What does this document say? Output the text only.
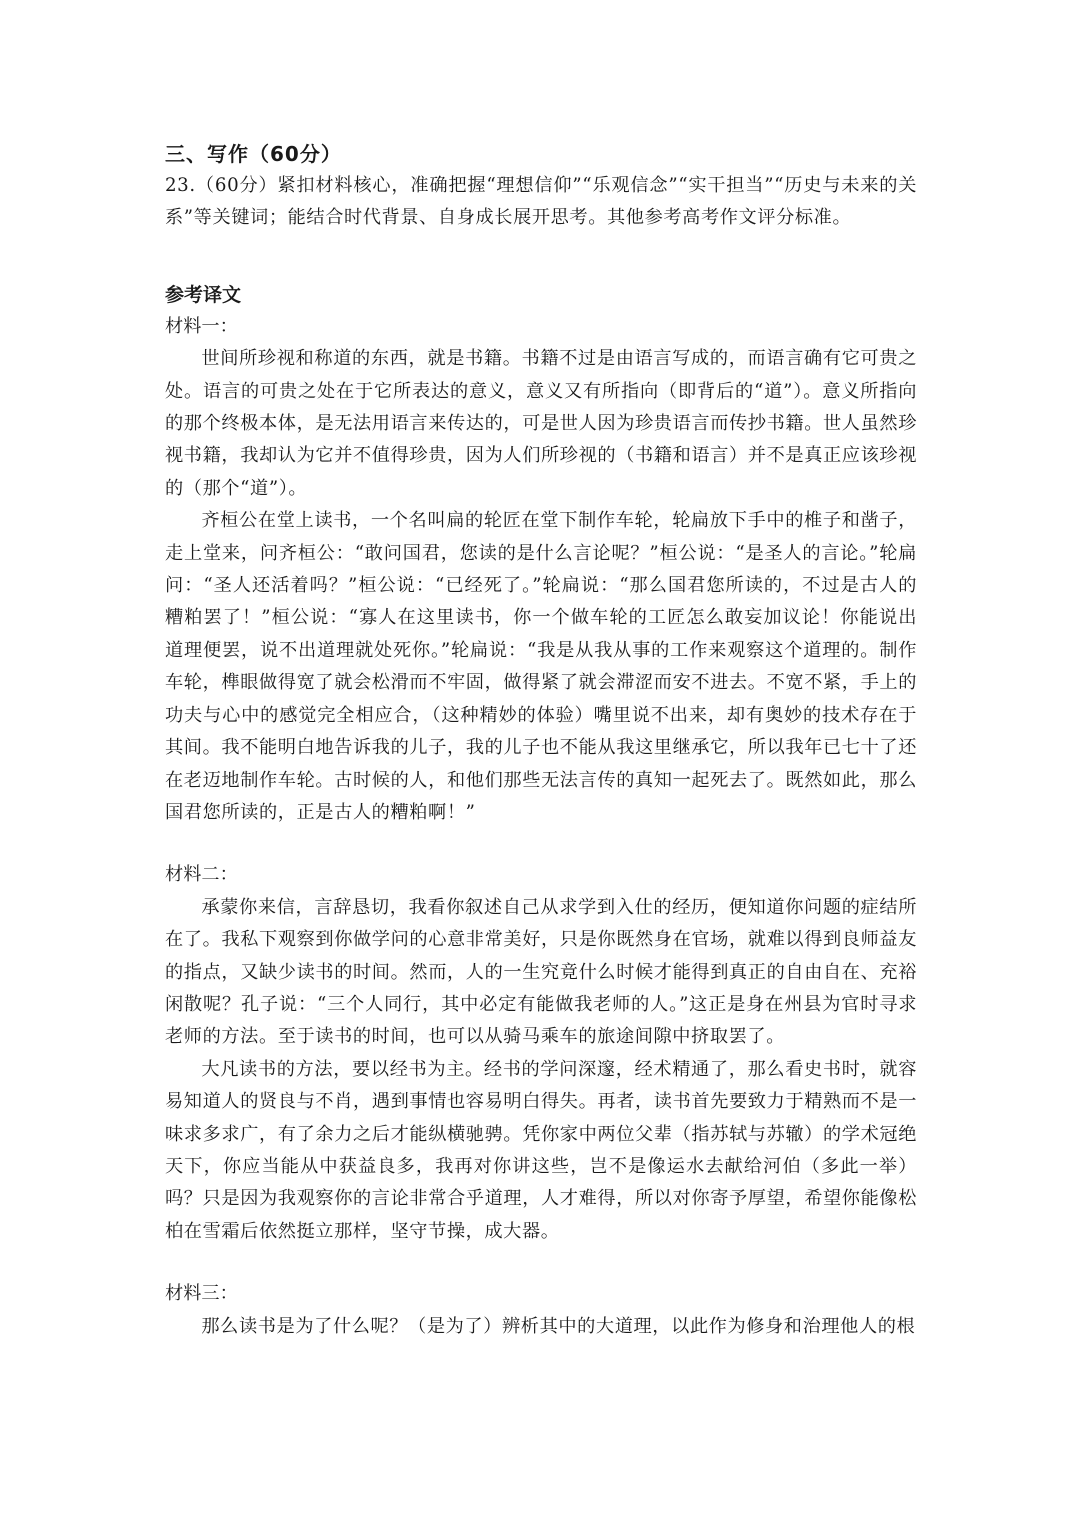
三、写作（60分）

23.（60分）紧扣材料核心，准确把握“理想信仰”“乐观信念”“实干担当”“历史与未来的关系”等关键词；能结合时代背景、自身成长展开思考。其他参考高考作文评分标准。

参考译文

材料一：

世间所珍视和称道的东西，就是书籍。书籍不过是由语言写成的，而语言确有它可贵之处。语言的可贵之处在于它所表达的意义，意义又有所指向（即背后的“道”）。意义所指向的那个终极本体，是无法用语言来传达的，可是世人因为珍贵语言而传抄书籍。世人虽然珍视书籍，我却认为它并不值得珍贵，因为人们所珍视的（书籍和语言）并不是真正应该珍视的（那个“道”）。

齐桓公在堂上读书，一个名叫扁的轮匠在堂下制作车轮，轮扁放下手中的椎子和凿子，走上堂来，问齐桓公：“敢问国君，您读的是什么言论呢？”桓公说：“是圣人的言论。”轮扁问：“圣人还活着吗？”桓公说：“已经死了。”轮扁说：“那么国君您所读的，不过是古人的糟粕罢了！”桓公说：“寡人在这里读书，你一个做车轮的工匠怎么敢妄加议论！你能说出道理便罢，说不出道理就处死你。”轮扁说：“我是从我从事的工作来观察这个道理的。制作车轮，榫眼做得宽了就会松滑而不牢固，做得紧了就会滞涩而安不进去。不宽不紧，手上的功夫与心中的感觉完全相应合，（这种精妙的体验）嘴里说不出来，却有奥妙的技术存在于其间。我不能明白地告诉我的儿子，我的儿子也不能从我这里继承它，所以我年已七十了还在老迈地制作车轮。古时候的人，和他们那些无法言传的真知一起死去了。既然如此，那么国君您所读的，正是古人的糟粕啊！”

材料二：

承蒙你来信，言辞恳切，我看你叙述自己从求学到入仕的经历，便知道你问题的症结所在了。我私下观察到你做学问的心意非常美好，只是你既然身在官场，就难以得到良师益友的指点，又缺少读书的时间。然而，人的一生究竟什么时候才能得到真正的自由自在、充裕闲散呢？孔子说：“三个人同行，其中必定有能做我老师的人。”这正是身在州县为官时寻求老师的方法。至于读书的时间，也可以从骑马乘车的旅途间隙中挤取罢了。

大凡读书的方法，要以经书为主。经书的学问深邃，经术精通了，那么看史书时，就容易知道人的贤良与不肖，遇到事情也容易明白得失。再者，读书首先要致力于精熟而不是一味求多求广，有了余力之后才能纵横驰骋。凭你家中两位父辈（指苏轼与苏辙）的学术冠绝天下，你应当能从中获益良多，我再对你讲这些，岂不是像运水去献给河伯（多此一举）吗？只是因为我观察你的言论非常合乎道理，人才难得，所以对你寄予厚望，希望你能像松柏在雪霜后依然挺立那样，坚守节操，成大器。

材料三：

那么读书是为了什么呢？（是为了）辨析其中的大道理，以此作为修身和治理他人的根
